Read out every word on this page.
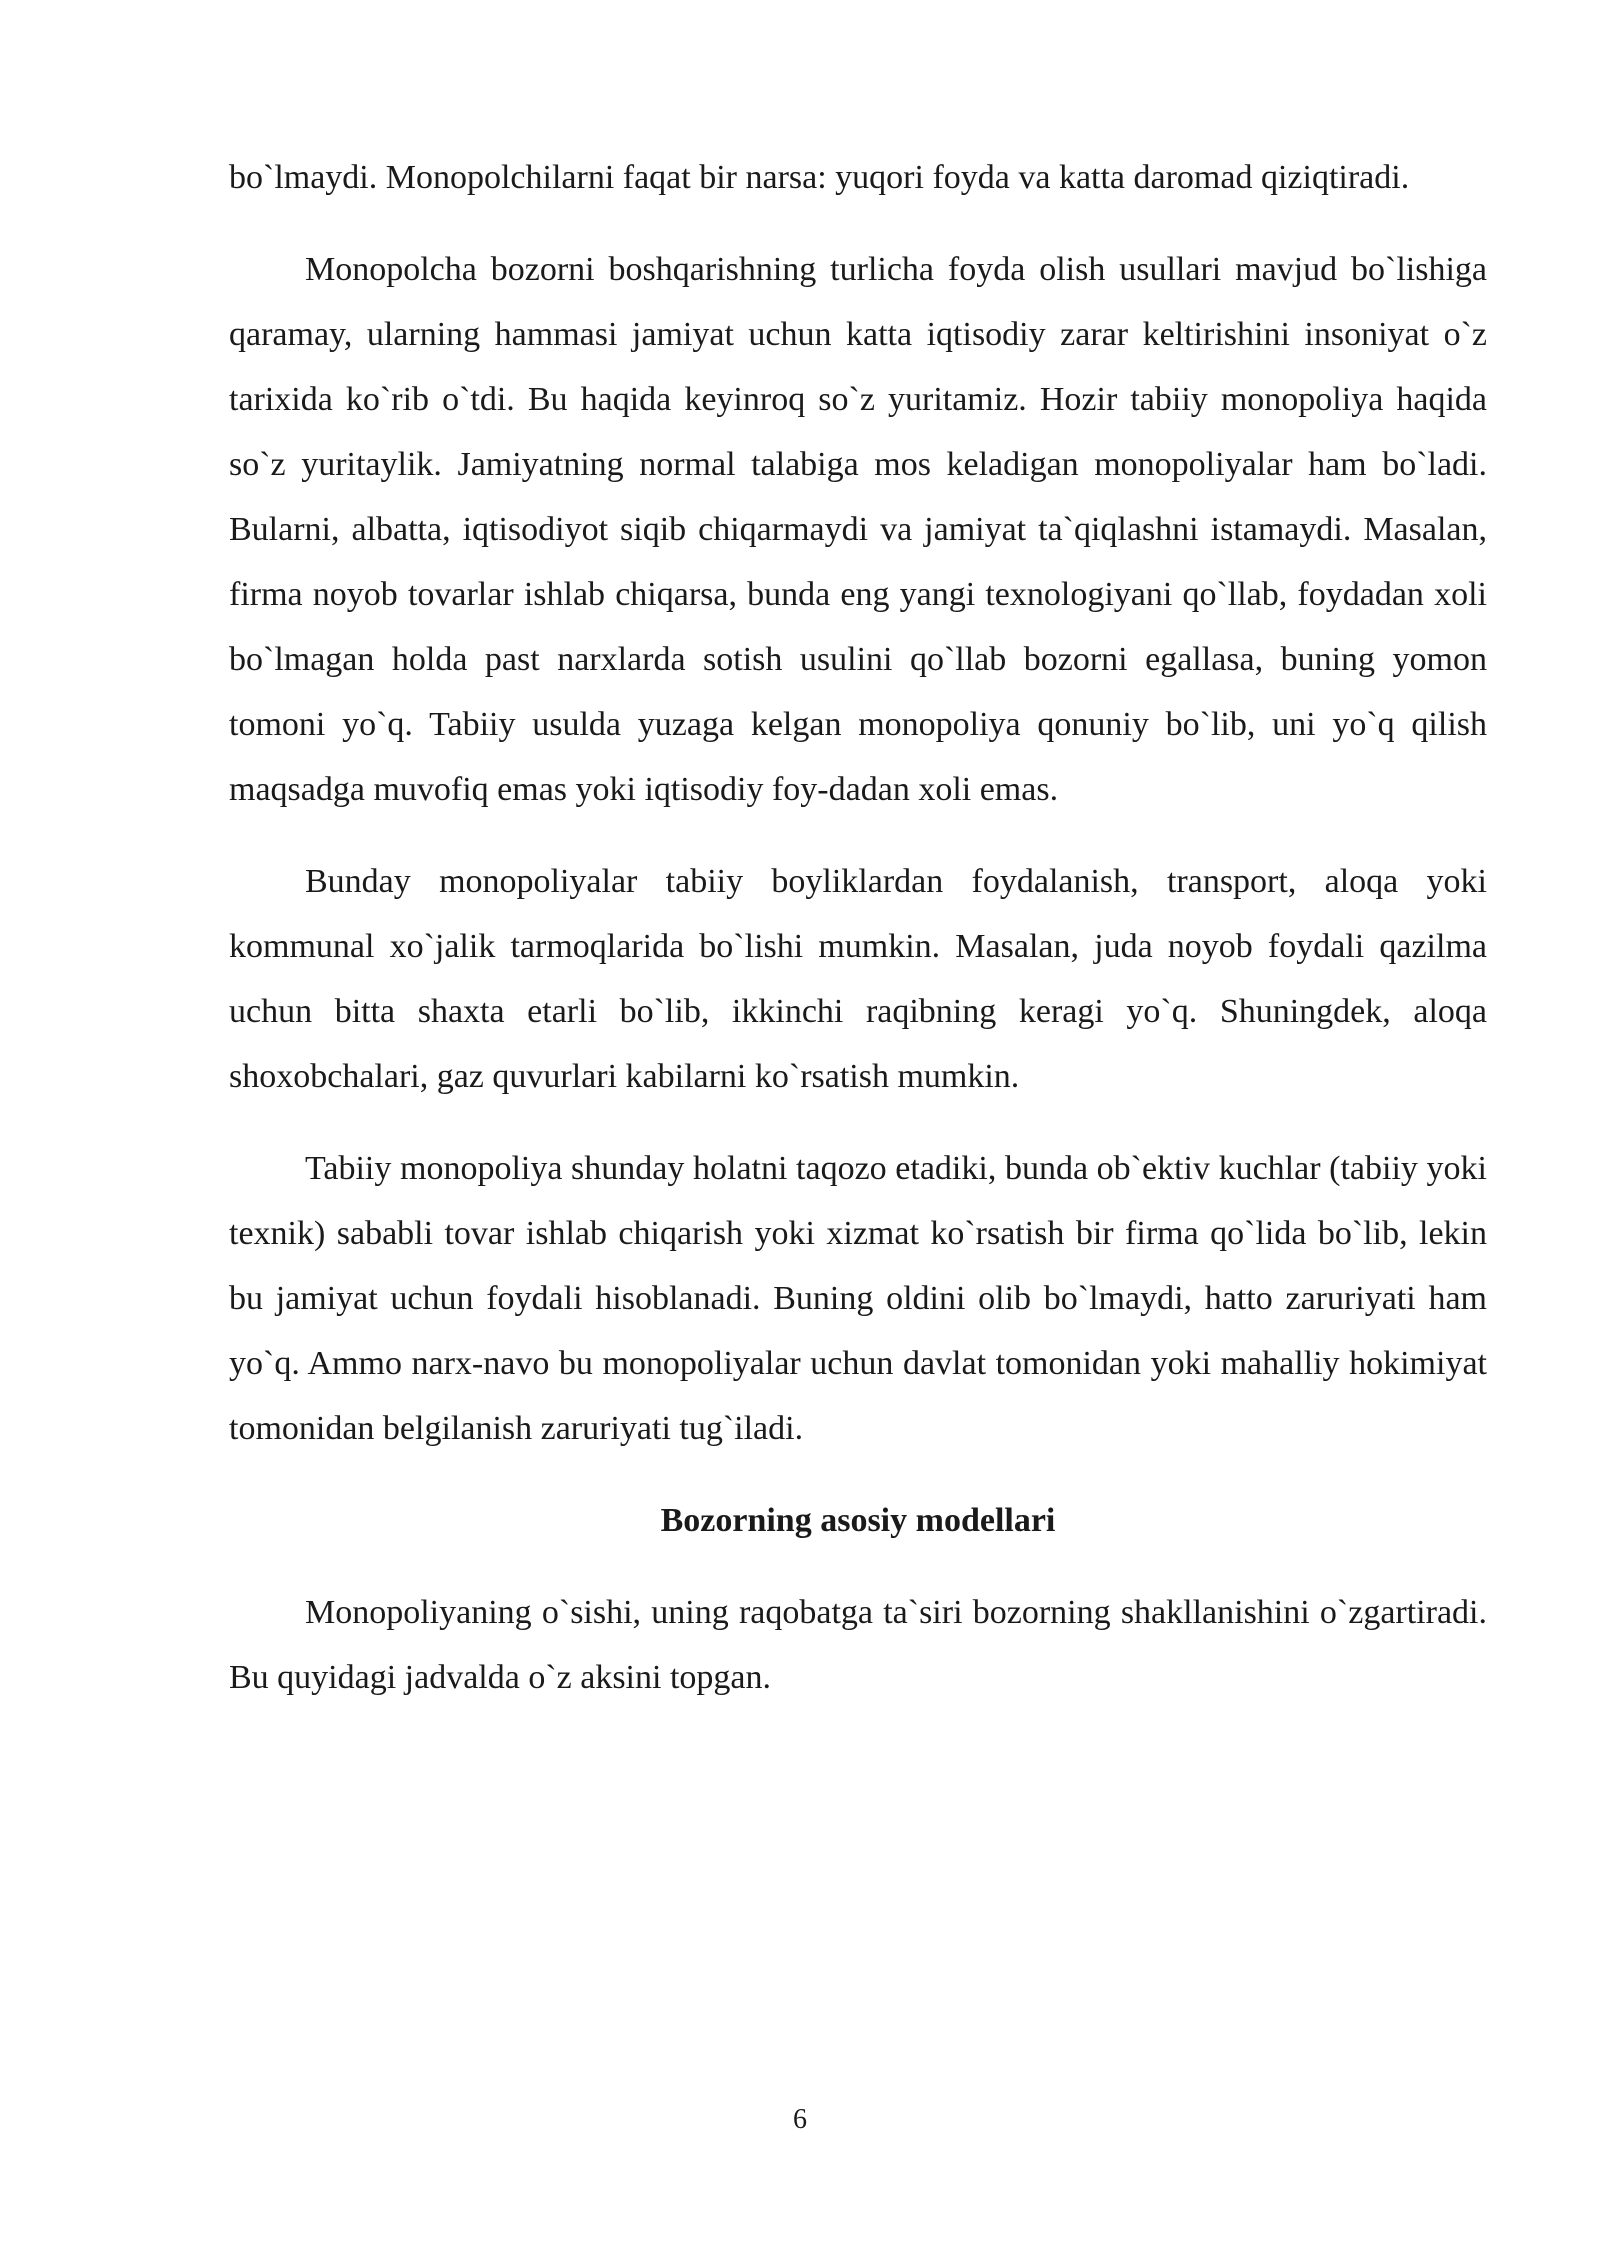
bo`lmaydi. Monopolchilarni faqat bir narsa: yuqori foyda va katta daromad qiziqtiradi.

Monopolcha bozorni boshqarishning turlicha foyda olish usullari mavjud bo`lishiga qaramay, ularning hammasi jamiyat uchun katta iqtisodiy zarar keltirishini insoniyat o`z tarixida ko`rib o`tdi. Bu haqida keyinroq so`z yuritamiz. Hozir tabiiy monopoliya haqida so`z yuritaylik. Jamiyatning normal talabiga mos keladigan monopoliyalar ham bo`ladi. Bularni, albatta, iqtisodiyot siqib chiqarmaydi va jamiyat ta`qiqlashni istamaydi. Masalan, firma noyob tovarlar ishlab chiqarsa, bunda eng yangi texnologiyani qo`llab, foydadan xoli bo`lmagan holda past narxlarda sotish usulini qo`llab bozorni egallasa, buning yomon tomoni yo`q. Tabiiy usulda yuzaga kelgan monopoliya qonuniy bo`lib, uni yo`q qilish maqsadga muvofiq emas yoki iqtisodiy foy-dadan xoli emas.

Bunday monopoliyalar tabiiy boyliklardan foydalanish, transport, aloqa yoki kommunal xo`jalik tarmoqlarida bo`lishi mumkin. Masalan, juda noyob foydali qazilma uchun bitta shaxta etarli bo`lib, ikkinchi raqibning keragi yo`q. Shuningdek, aloqa shoxobchalari, gaz quvurlari kabilarni ko`rsatish mumkin.

Tabiiy monopoliya shunday holatni taqozo etadiki, bunda ob`ektiv kuchlar (tabiiy yoki texnik) sababli tovar ishlab chiqarish yoki xizmat ko`rsatish bir firma qo`lida bo`lib, lekin bu jamiyat uchun foydali hisoblanadi. Buning oldini olib bo`lmaydi, hatto zaruriyati ham yo`q. Ammo narx-navo bu monopoliyalar uchun davlat tomonidan yoki mahalliy hokimiyat tomonidan belgilanish zaruriyati tug`iladi.

Bozorning asosiy modellari

Monopoliyaning o`sishi, uning raqobatga ta`siri bozorning shakllanishini o`zgartiradi. Bu quyidagi jadvalda o`z aksini topgan.

6
